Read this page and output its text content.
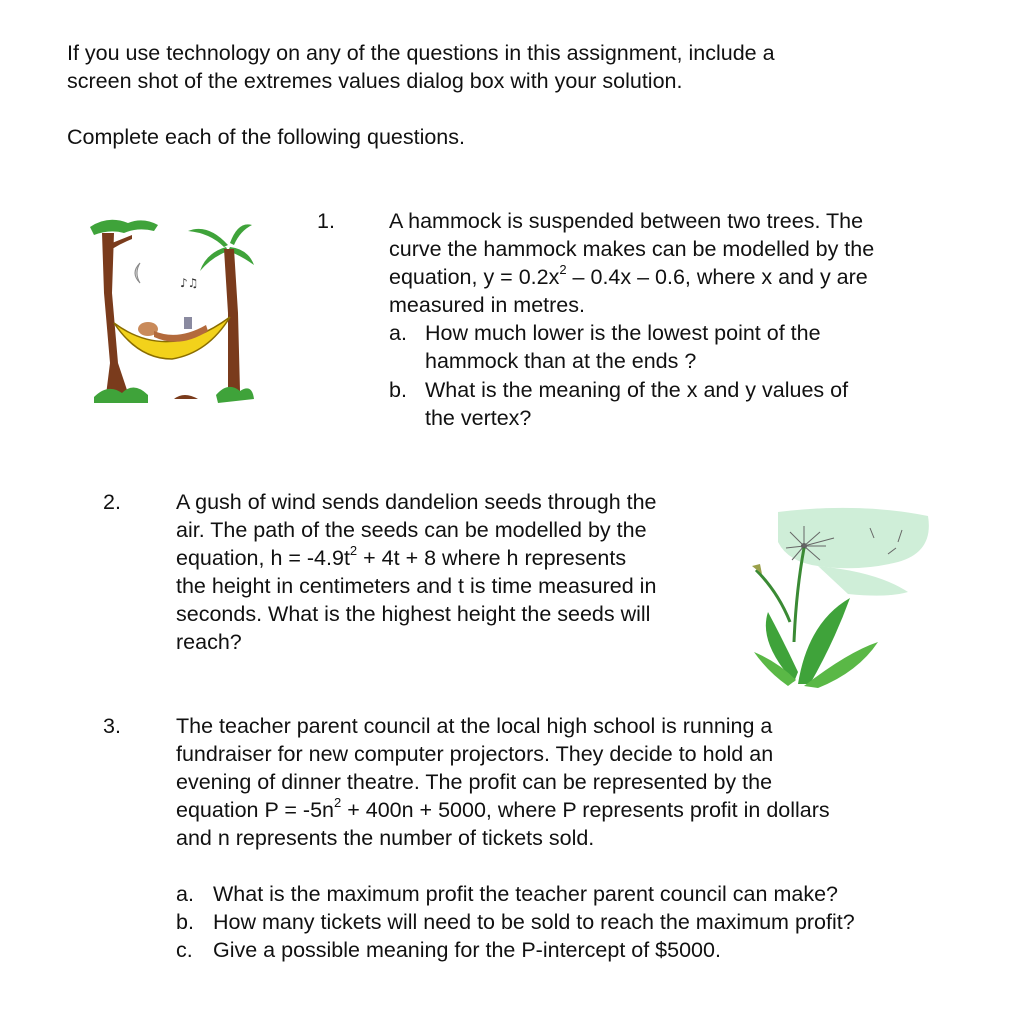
If you use technology on any of the questions in this assignment, include a
screen shot of the extremes values dialog box with your solution.
Complete each of the following questions.
♪♫
1.	A hammock is suspended between two trees. The
curve the hammock makes can be modelled by the
equation, $y = 0.2x^2 - 0.4x - 0.6$, where x and y are
measured in metres.
a. How much lower is the lowest point of the
hammock than at the ends ?
b. What is the meaning of the x and y values of
the vertex?
2.	A gush of wind sends dandelion seeds through the
air. The path of the seeds can be modelled by the
equation, $h = -4.9t^2 + 4t + 8$ where h represents
the height in centimeters and t is time measured in
seconds. What is the highest height the seeds will
reach?
3.	The teacher parent council at the local high school is running a
fundraiser for new computer projectors. They decide to hold an
evening of dinner theatre. The profit can be represented by the
equation $P = -5n^2 + 400n + 5000$, where P represents profit in dollars
and n represents the number of tickets sold.
a. What is the maximum profit the teacher parent council can make?
b. How many tickets will need to be sold to reach the maximum profit?
c. Give a possible meaning for the P-intercept of $5000.
